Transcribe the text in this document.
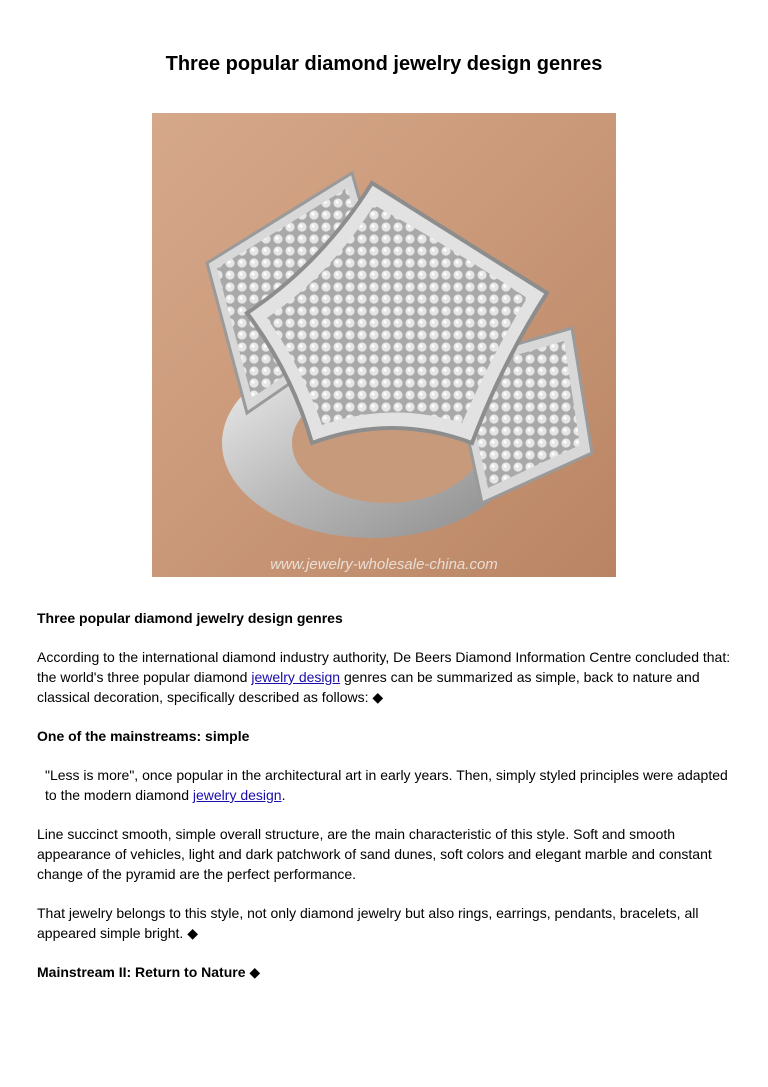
Three popular diamond jewelry design genres
www.jewelry-wholesale-china.com
Three popular diamond jewelry design genres

According to the international diamond industry authority, De Beers Diamond Information Centre concluded that: the world's three popular diamond jewelry design genres can be summarized as simple, back to nature and classical decoration, specifically described as follows: ◆

One of the mainstreams: simple

"Less is more", once popular in the architectural art in early years. Then, simply styled principles were adapted to the modern diamond jewelry design.

Line succinct smooth, simple overall structure, are the main characteristic of this style. Soft and smooth appearance of vehicles, light and dark patchwork of sand dunes, soft colors and elegant marble and constant change of the pyramid are the perfect performance.

That jewelry belongs to this style, not only diamond jewelry but also rings, earrings, pendants, bracelets, all appeared simple bright. ◆

Mainstream II: Return to Nature ◆
